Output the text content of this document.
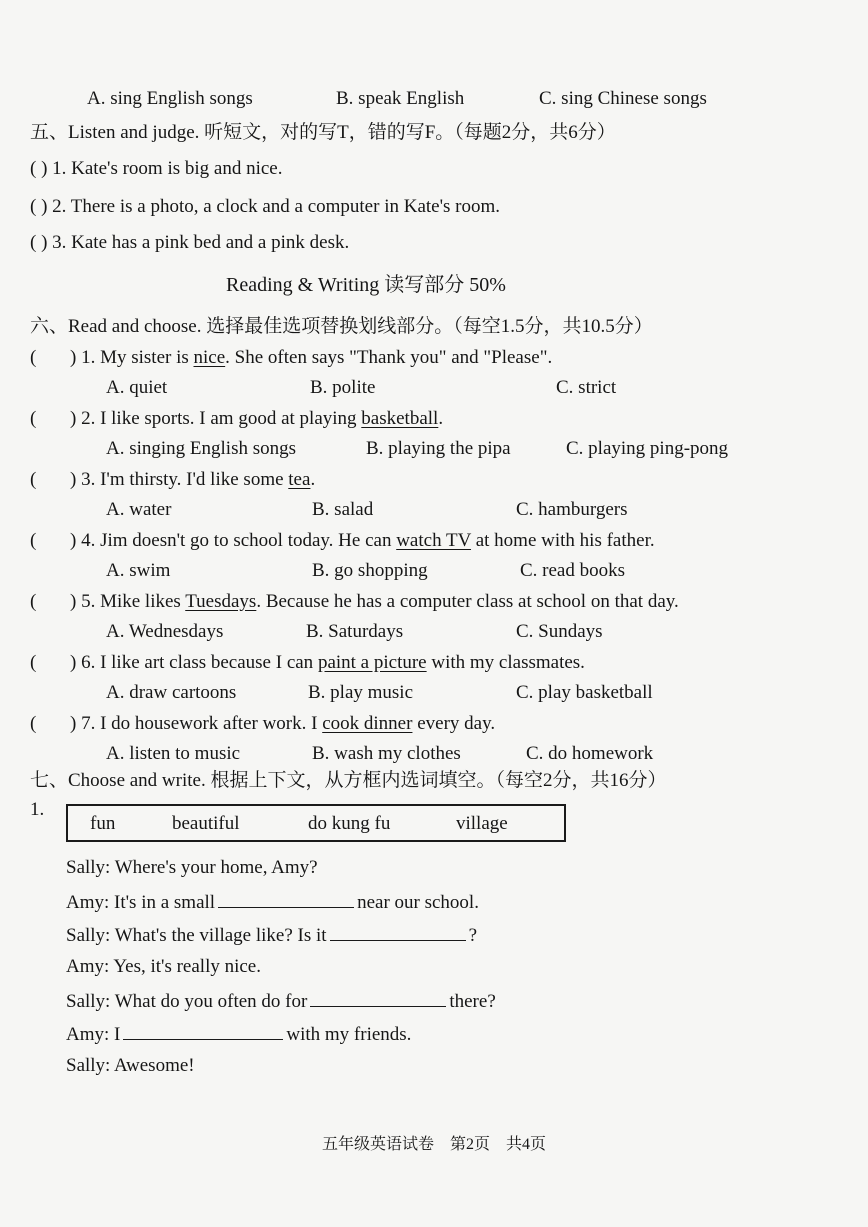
A. sing English songs	B. speak English	C. sing Chinese songs
五、Listen and judge. 听短文，对的写T，错的写F。（每题2分，共6分）
( ) 1. Kate's room is big and nice.
( ) 2. There is a photo, a clock and a computer in Kate's room.
( ) 3. Kate has a pink bed and a pink desk.
Reading & Writing 读写部分 50%
六、Read and choose. 选择最佳选项替换划线部分。（每空1.5分，共10.5分）
( ) 1. My sister is nice. She often says "Thank you" and "Please".
A. quiet	B. polite	C. strict
( ) 2. I like sports. I am good at playing basketball.
A. singing English songs	B. playing the pipa	C. playing ping-pong
( ) 3. I'm thirsty. I'd like some tea.
A. water	B. salad	C. hamburgers
( ) 4. Jim doesn't go to school today. He can watch TV at home with his father.
A. swim	B. go shopping	C. read books
( ) 5. Mike likes Tuesdays. Because he has a computer class at school on that day.
A. Wednesdays	B. Saturdays	C. Sundays
( ) 6. I like art class because I can paint a picture with my classmates.
A. draw cartoons	B. play music	C. play basketball
( ) 7. I do housework after work. I cook dinner every day.
A. listen to music	B. wash my clothes	C. do homework
七、Choose and write. 根据上下文，从方框内选词填空。（每空2分，共16分）
1.
fun	beautiful	do kung fu	village
Sally: Where's your home, Amy?
Amy: It's in a small	near our school.
Sally: What's the village like? Is it	?
Amy: Yes, it's really nice.
Sally: What do you often do for	there?
Amy: I	with my friends.
Sally: Awesome!
五年级英语试卷　第2页　共4页
